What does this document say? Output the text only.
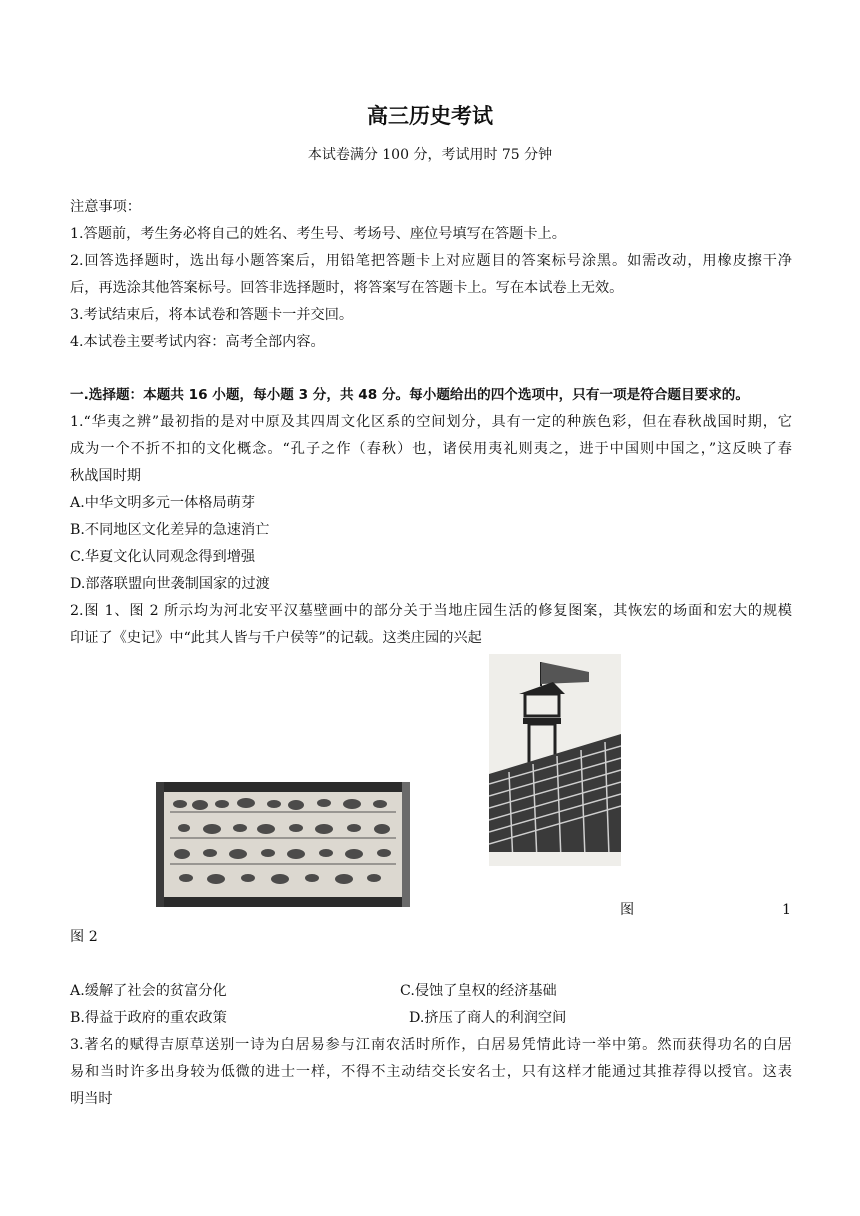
高三历史考试
本试卷满分 100 分，考试用时 75 分钟
注意事项：
1.答题前，考生务必将自己的姓名、考生号、考场号、座位号填写在答题卡上。
2.回答选择题时，选出每小题答案后，用铅笔把答题卡上对应题目的答案标号涂黑。如需改动，用橡皮擦干净
后，再选涂其他答案标号。回答非选择题时，将答案写在答题卡上。写在本试卷上无效。
3.考试结束后，将本试卷和答题卡一并交回。
4.本试卷主要考试内容：高考全部内容。
一.选择题：本题共 16 小题，每小题 3 分，共 48 分。每小题给出的四个选项中，只有一项是符合题目要求的。
1.“华夷之辨”最初指的是对中原及其四周文化区系的空间划分，具有一定的种族色彩，但在春秋战国时期，它
成为一个不折不扣的文化概念。“孔子之作（春秋）也，诸侯用夷礼则夷之，进于中国则中国之，”这反映了春
秋战国时期
A.中华文明多元一体格局萌芽
B.不同地区文化差异的急速消亡
C.华夏文化认同观念得到增强
D.部落联盟向世袭制国家的过渡
2.图 1、图 2 所示均为河北安平汉墓壁画中的部分关于当地庄园生活的修复图案，其恢宏的场面和宏大的规模
印证了《史记》中“此其人皆与千户侯等”的记载。这类庄园的兴起
图	1
图 2
A.缓解了社会的贫富分化	C.侵蚀了皇权的经济基础
B.得益于政府的重农政策	D.挤压了商人的利润空间
3.著名的赋得吉原草送别一诗为白居易参与江南农活时所作，白居易凭情此诗一举中第。然而获得功名的白居
易和当时许多出身较为低微的进士一样，不得不主动结交长安名士，只有这样才能通过其推荐得以授官。这表
明当时
